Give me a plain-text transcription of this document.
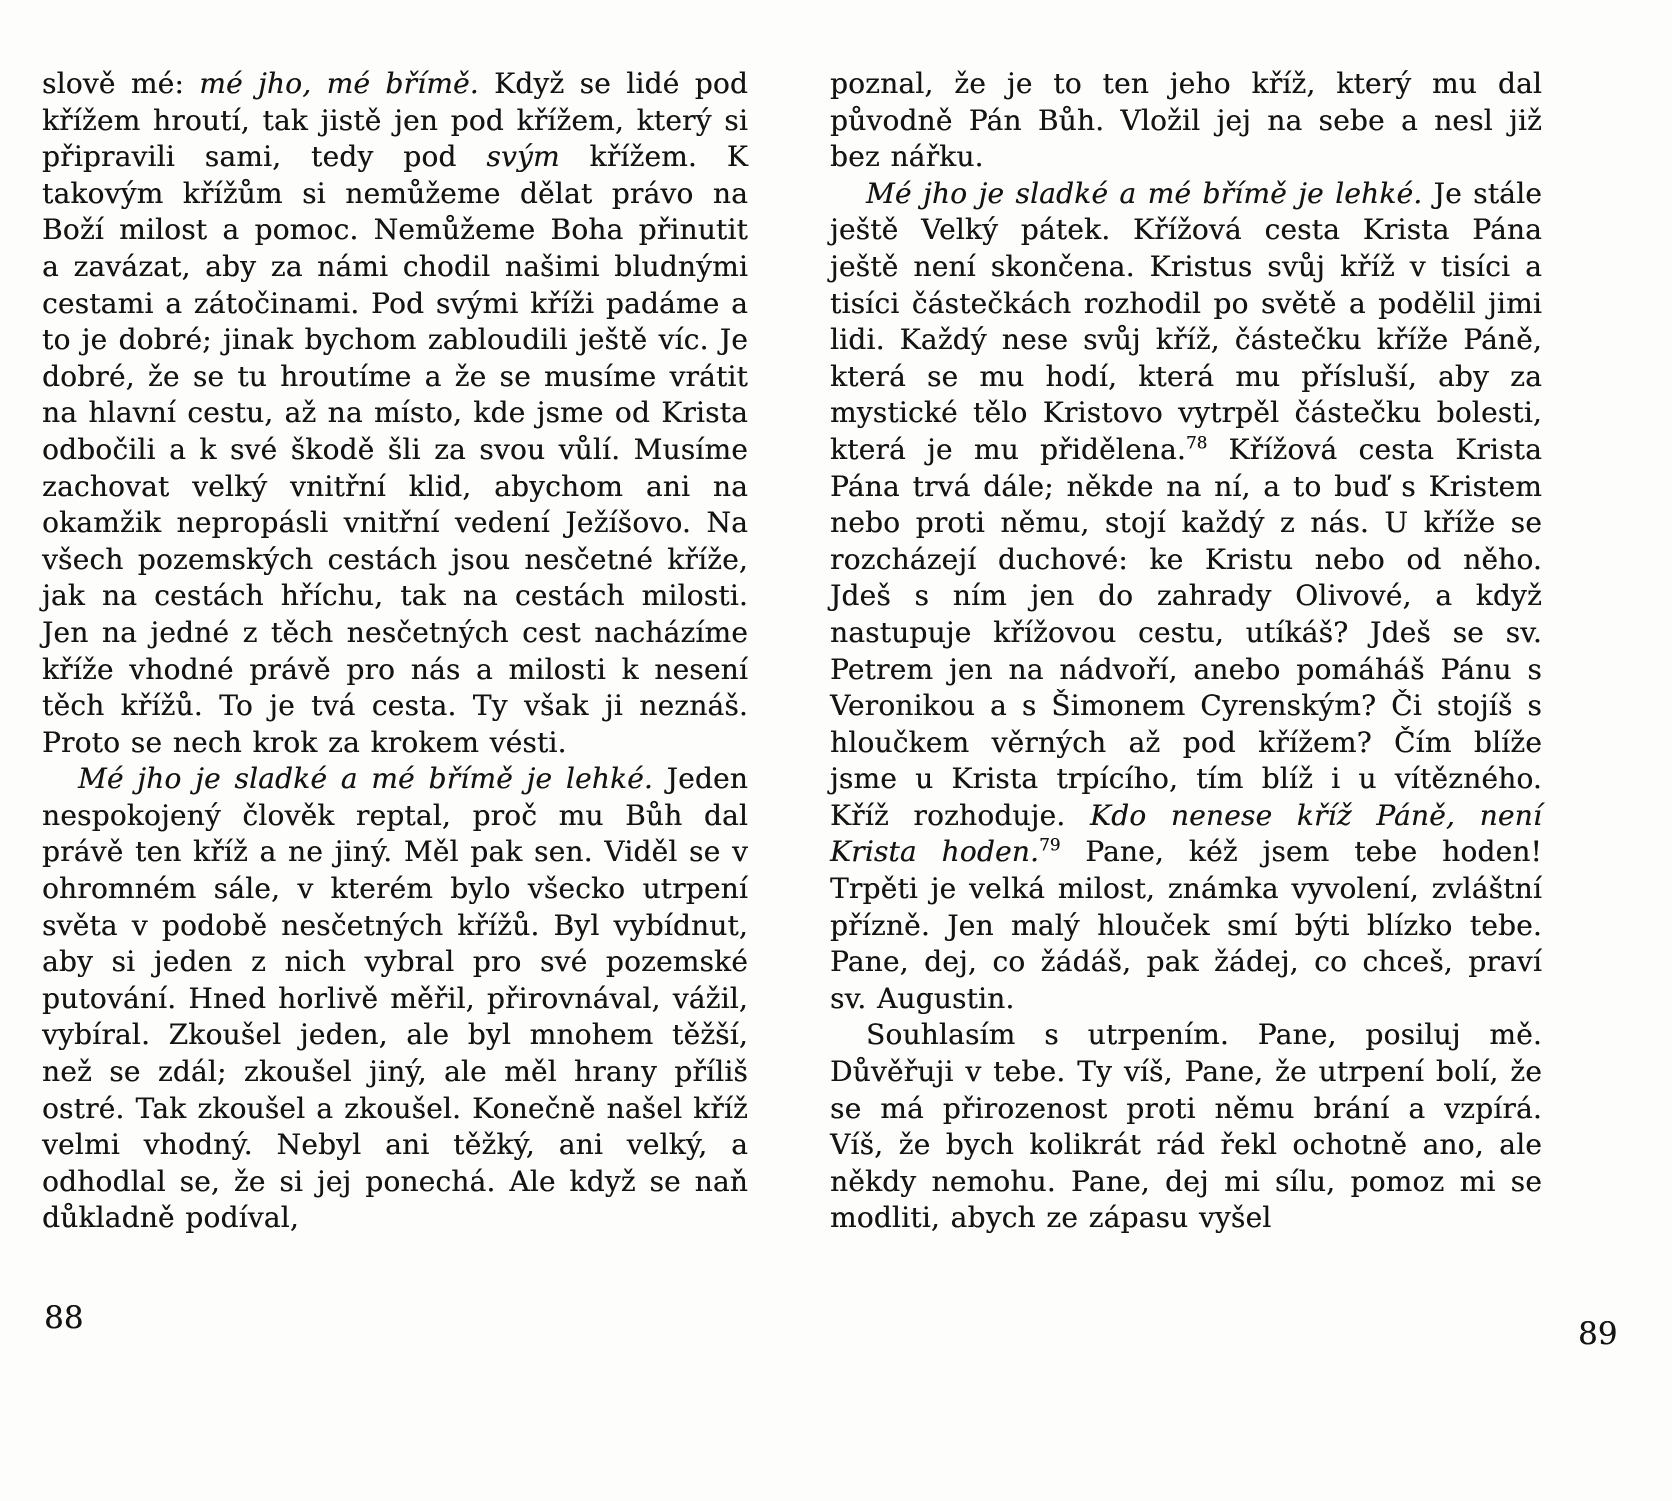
slově mé: mé jho, mé břímě. Když se lidé pod křížem hroutí, tak jistě jen pod křížem, který si připravili sami, tedy pod svým křížem. K takovým křížům si nemůžeme dělat právo na Boží milost a pomoc. Nemůžeme Boha přinutit a zavázat, aby za námi chodil našimi bludnými cestami a zátočinami. Pod svými kříži padáme a to je dobré; jinak bychom zabloudili ještě víc. Je dobré, že se tu hroutíme a že se musíme vrátit na hlavní cestu, až na místo, kde jsme od Krista odbočili a k své škodě šli za svou vůlí. Musíme zachovat velký vnitřní klid, abychom ani na okamžik nepropásli vnitřní vedení Ježíšovo. Na všech pozemských cestách jsou nesčetné kříže, jak na cestách hříchu, tak na cestách milosti. Jen na jedné z těch nesčetných cest nacházíme kříže vhodné právě pro nás a milosti k nesení těch křížů. To je tvá cesta. Ty však ji neznáš. Proto se nech krok za krokem vésti.

Mé jho je sladké a mé břímě je lehké. Jeden nespokojený člověk reptal, proč mu Bůh dal právě ten kříž a ne jiný. Měl pak sen. Viděl se v ohromném sále, v kterém bylo všecko utrpení světa v podobě nesčetných křížů. Byl vybídnut, aby si jeden z nich vybral pro své pozemské putování. Hned horlivě měřil, přirovnával, vážil, vybíral. Zkoušel jeden, ale byl mnohem těžší, než se zdál; zkoušel jiný, ale měl hrany příliš ostré. Tak zkoušel a zkoušel. Konečně našel kříž velmi vhodný. Nebyl ani těžký, ani velký, a odhodlal se, že si jej ponechá. Ale když se naň důkladně podíval,

poznal, že je to ten jeho kříž, který mu dal původně Pán Bůh. Vložil jej na sebe a nesl již bez nářku.

Mé jho je sladké a mé břímě je lehké. Je stále ještě Velký pátek. Křížová cesta Krista Pána ještě není skončena. Kristus svůj kříž v tisíci a tisíci částečkách rozhodil po světě a podělil jimi lidi. Každý nese svůj kříž, částečku kříže Páně, která se mu hodí, která mu přísluší, aby za mystické tělo Kristovo vytrpěl částečku bolesti, která je mu přidělena.$^{78}$ Křížová cesta Krista Pána trvá dále; někde na ní, a to buď s Kristem nebo proti němu, stojí každý z nás. U kříže se rozcházejí duchové: ke Kristu nebo od něho. Jdeš s ním jen do zahrady Olivové, a když nastupuje křížovou cestu, utíkáš? Jdeš se sv. Petrem jen na nádvoří, anebo pomáháš Pánu s Veronikou a s Šimonem Cyrenským? Či stojíš s hloučkem věrných až pod křížem? Čím blíže jsme u Krista trpícího, tím blíž i u vítězného. Kříž rozhoduje. Kdo nenese kříž Páně, není Krista hoden.$^{79}$ Pane, kéž jsem tebe hoden! Trpěti je velká milost, známka vyvolení, zvláštní přízně. Jen malý hlouček smí býti blízko tebe. Pane, dej, co žádáš, pak žádej, co chceš, praví sv. Augustin.

Souhlasím s utrpením. Pane, posiluj mě. Důvěřuji v tebe. Ty víš, Pane, že utrpení bolí, že se má přirozenost proti němu brání a vzpírá. Víš, že bych kolikrát rád řekl ochotně ano, ale někdy nemohu. Pane, dej mi sílu, pomoz mi se modliti, abych ze zápasu vyšel

88	89
